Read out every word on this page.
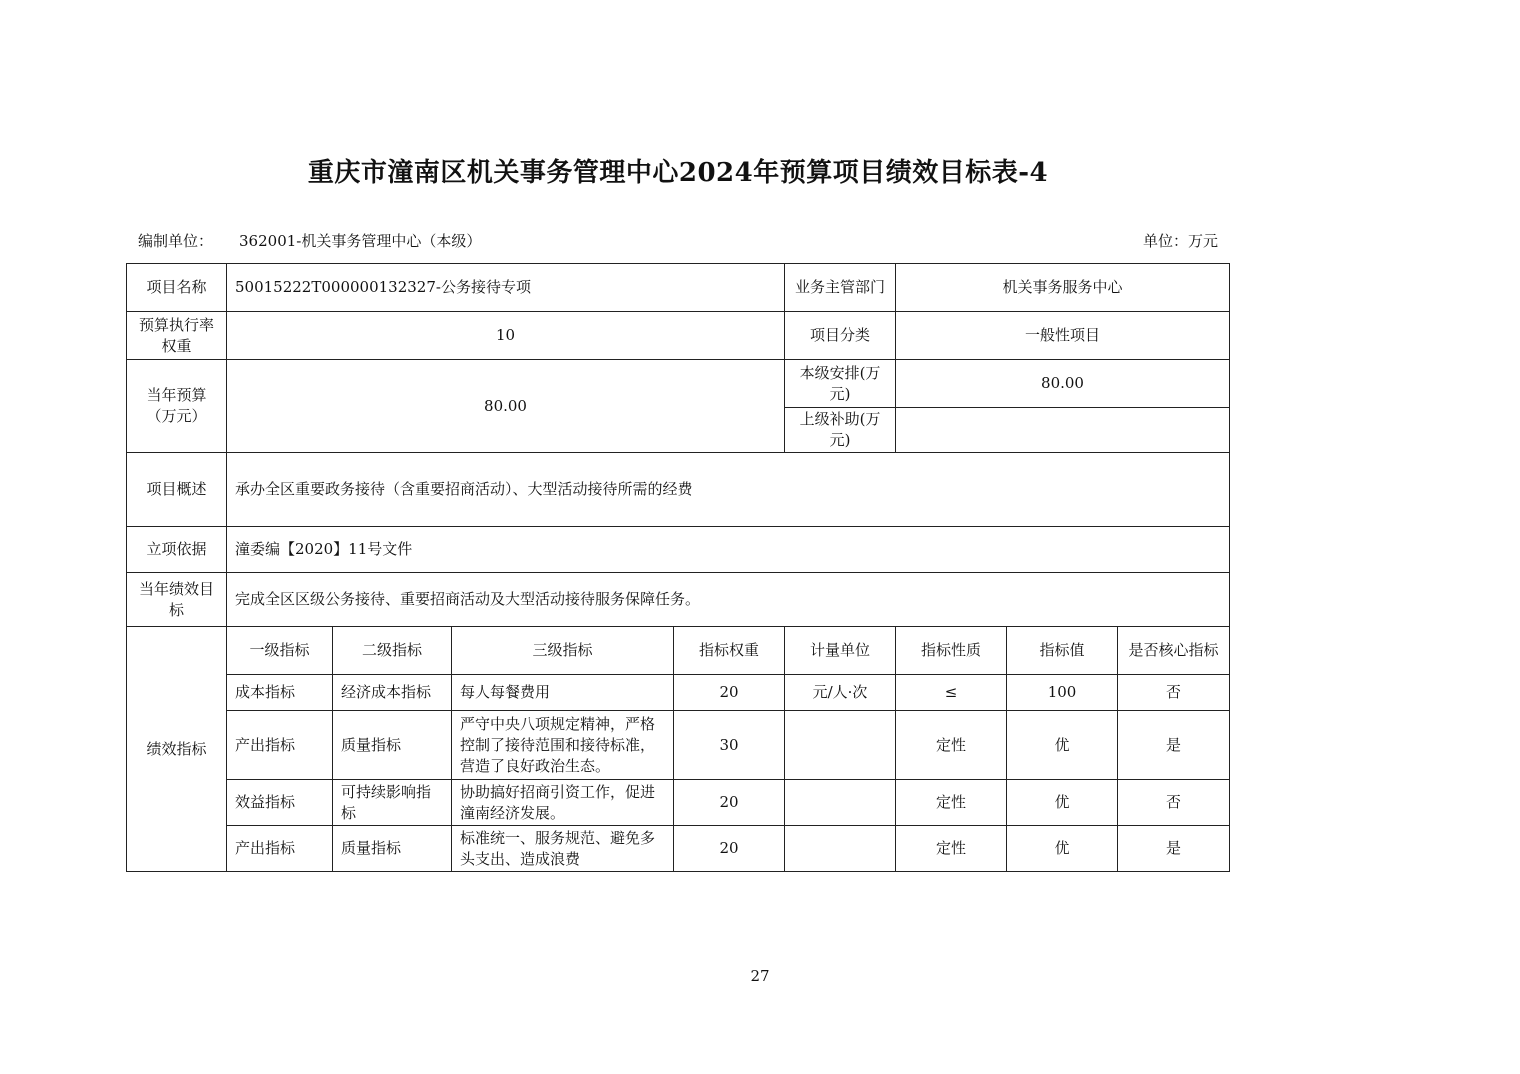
重庆市潼南区机关事务管理中心2024年预算项目绩效目标表-4
编制单位： 362001-机关事务管理中心（本级）	单位：万元
项目名称	50015222T000000132327-公务接待专项				业务主管部门	机关事务服务中心		
预算执行率权重	10				项目分类	一般性项目		
当年预算（万元）	80.00				本级安排(万元)	80.00		
					上级补助(万元)			
项目概述	承办全区重要政务接待（含重要招商活动）、大型活动接待所需的经费							
立项依据	潼委编【2020】11号文件							
当年绩效目标	完成全区区级公务接待、重要招商活动及大型活动接待服务保障任务。							
绩效指标	一级指标	二级指标	三级指标	指标权重	计量单位	指标性质	指标值	是否核心指标
	成本指标	经济成本指标	每人每餐费用	20	元/人·次	≤	100	否
	产出指标	质量指标	严守中央八项规定精神，严格控制了接待范围和接待标准，营造了良好政治生态。	30		定性	优	是
	效益指标	可持续影响指标	协助搞好招商引资工作，促进潼南经济发展。	20		定性	优	否
	产出指标	质量指标	标准统一、服务规范、避免多头支出、造成浪费	20		定性	优	是
27
